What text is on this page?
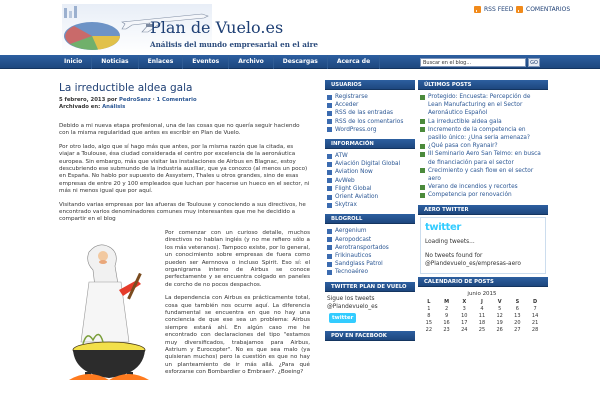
Plan de Vuelo.es
Análisis del mundo empresarial en el aire
RSS FEED COMENTARIOS
Inicio	Noticias	Enlaces	Eventos	Archivo	Descargas	Acerca de	Buscar en el blog...	GO
La irreductible aldea gala
5 febrero, 2013 por PedroSanz · 1 Comentario
Archivado en: Análisis

Debido a mi nueva etapa profesional, una de las cosas que no quería seguir haciendo con la misma regularidad que antes es escribir en Plan de Vuelo.

Por otro lado, algo que sí hago más que antes, por la misma razón que la citada, es viajar a Toulouse, ésa ciudad considerada el centro por excelencia de la aeronáutica europea. Sin embargo, más que visitar las instalaciones de Airbus en Blagnac, estoy descubriendo ese submundo de la industria auxiliar, que ya conozco (al menos un poco) en España. No hablo por supuesto de Assystem, Thales u otros grandes, sino de esas empresas de entre 20 y 100 empleados que luchan por hacerse un hueco en el sector, ni más ni menos igual que por aquí.

Visitando varias empresas por las afueras de Toulouse y conociendo a sus directivos, he encontrado varios denominadores comunes muy interesantes que me he decidido a compartir en el blog

Por comenzar con un curioso detalle, muchos directivos no hablan inglés (y no me refiero sólo a los más veteranos). Tampoco existe, por lo general, un conocimiento sobre empresas de fuera como pueden ser Aernnova o incluso Spirit. Eso sí: el organigrama interno de Airbus se conoce perfectamente y se encuentra colgado en paneles de corcho de no pocos despachos.

La dependencia con Airbus es prácticamente total, cosa que también nos ocurre aquí. La diferencia fundamental se encuentra en que no hay una conciencia de que ese sea un problema: Airbus siempre estará ahí. En algún caso me he encontrado con declaraciones del tipo "estamos muy diversificados, trabajamos para Airbus, Astrium y Eurocopter". No es que sea malo (ya quisieran muchos) pero la cuestión es que no hay un planteamiento de ir más allá. ¿Para qué esforzarse con Bombardier o Embraer?. ¿Boeing?

USUARIOS
Registrarse
Acceder
RSS de las entradas
RSS de los comentarios
WordPress.org
INFORMACIÓN
ATW
Aviación Digital Global
Aviation Now
AvWeb
Flight Global
Orient Aviation
Skytrax
BLOGROLL
Aergenium
Aeropodcast
Aerotransportados
Frikinauticos
Sandglass Patrol
Tecnoaéreo
TWITTER PLAN DE VUELO
Sigue los tweets
@Plandevuelo_es
twitter
PDV EN FACEBOOK
ÚLTIMOS POSTS
Protegido: Encuesta: Percepción de Lean Manufacturing en el Sector Aeronáutico Español
La irreductible aldea gala
Incremento de la competencia en pasillo único: ¿Una seria amenaza?
¿Qué pasa con Ryanair?
III Seminario Aero San Telmo: en busca de financiación para el sector
Crecimiento y cash flow en el sector aero
Verano de incendios y recortes
Competencia por renovación
AERO TWITTER
twitter
Loading tweets...
No tweets found for
@Plandevuelo_es/empresas-aero
CALENDARIO DE POSTS
junio 2015
L	M	X	J	V	S	D
1	2	3	4	5	6	7
8	9	10	11	12	13	14
15	16	17	18	19	20	21
22	23	24	25	26	27	28
